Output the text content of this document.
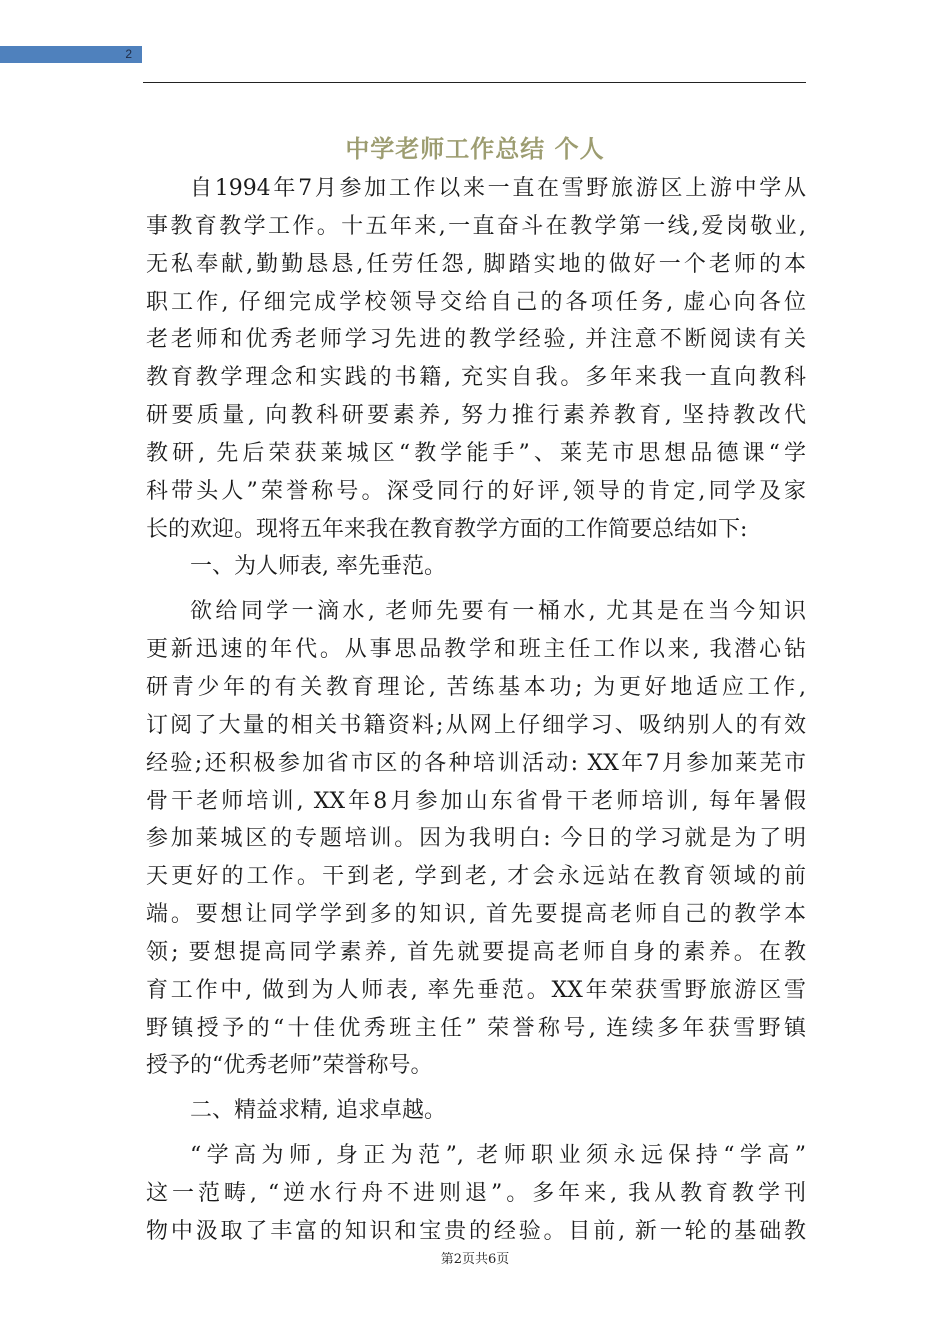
2
中学老师工作总结 个人
自1994年7月参加工作以来一直在雪野旅游区上游中学从
事教育教学工作。十五年来,一直奋斗在教学第一线,爱岗敬业,
无私奉献,勤勤恳恳,任劳任怨, 脚踏实地的做好一个老师的本
职工作, 仔细完成学校领导交给自己的各项任务, 虚心向各位
老老师和优秀老师学习先进的教学经验, 并注意不断阅读有关
教育教学理念和实践的书籍, 充实自我。多年来我一直向教科
研要质量, 向教科研要素养, 努力推行素养教育, 坚持教改代
教研, 先后荣获莱城区“教学能手”、莱芜市思想品德课“学
科带头人”荣誉称号。深受同行的好评,领导的肯定,同学及家
长的欢迎。现将五年来我在教育教学方面的工作简要总结如下:
一、为人师表, 率先垂范。
欲给同学一滴水, 老师先要有一桶水, 尤其是在当今知识
更新迅速的年代。从事思品教学和班主任工作以来, 我潜心钻
研青少年的有关教育理论, 苦练基本功; 为更好地适应工作,
订阅了大量的相关书籍资料;从网上仔细学习、吸纳别人的有效
经验;还积极参加省市区的各种培训活动: XX年7月参加莱芜市
骨干老师培训, XX年8月参加山东省骨干老师培训, 每年暑假
参加莱城区的专题培训。因为我明白: 今日的学习就是为了明
天更好的工作。干到老, 学到老, 才会永远站在教育领域的前
端。要想让同学学到多的知识, 首先要提高老师自己的教学本
领; 要想提高同学素养, 首先就要提高老师自身的素养。在教
育工作中, 做到为人师表, 率先垂范。XX年荣获雪野旅游区雪
野镇授予的“十佳优秀班主任” 荣誉称号, 连续多年获雪野镇
授予的“优秀老师”荣誉称号。
二、精益求精, 追求卓越。
“学高为师, 身正为范”, 老师职业须永远保持“学高”
这一范畴, “逆水行舟不进则退”。多年来, 我从教育教学刊
物中汲取了丰富的知识和宝贵的经验。目前, 新一轮的基础教
第2页共6页
